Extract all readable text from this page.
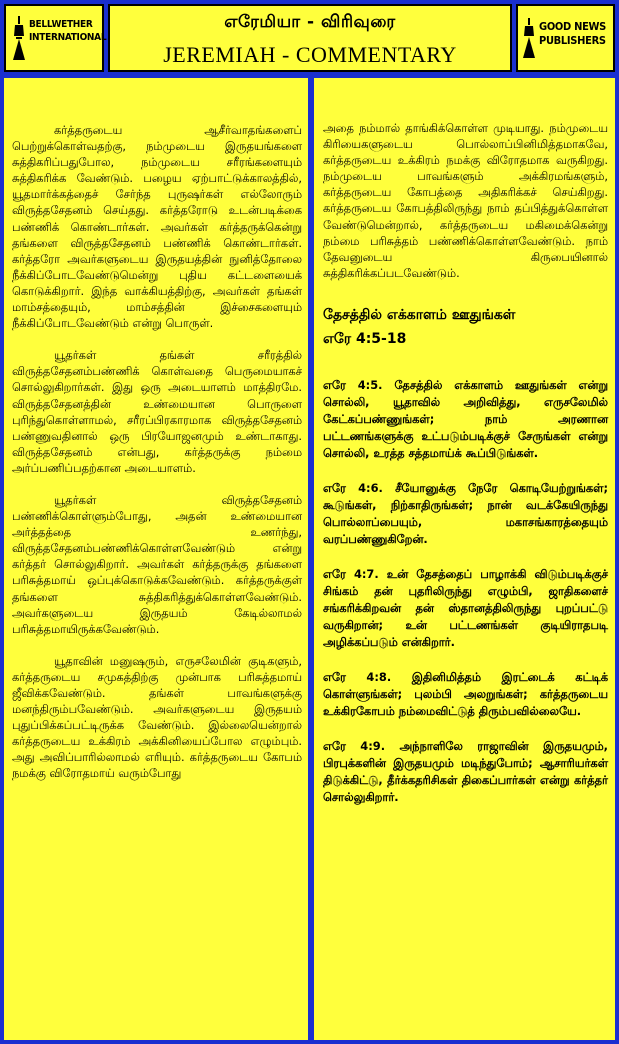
BELLWETHER
INTERNATIONAL
எரேமியா - விரிவுரை
JEREMIAH - COMMENTARY
GOOD NEWS
PUBLISHERS

கர்த்தருடைய ஆசீர்வாதங்களைப் பெற்றுக்கொள்வதற்கு, நம்முடைய இருதயங்களை சுத்திகரிப்பதுபோல, நம்முடைய சரீரங்களையும் சுத்திகரிக்க வேண்டும். பழைய ஏற்பாட்டுக்காலத்தில், யூதமார்க்கத்தைச் சேர்ந்த புருஷர்கள் எல்லோரும் விருத்தசேதனம் செய்தது. கர்த்தரோடு உடன்படிக்கை பண்ணிக் கொண்டார்கள். அவர்கள் கர்த்தருக்கென்று தங்களை விருத்தசேதனம் பண்ணிக் கொண்டார்கள். கர்த்தரோ அவர்களுடைய இருதயத்தின் நுனித்தோலை நீக்கிப்போடவேண்டுமென்று புதிய கட்டளையைக் கொடுக்கிறார். இந்த வாக்கியத்திற்கு, அவர்கள் தங்கள் மாம்சத்தையும், மாம்சத்தின் இச்சைகளையும் நீக்கிப்போடவேண்டும் என்று பொருள்.

யூதர்கள் தங்கள் சரீரத்தில் விருத்தசேதனம்பண்ணிக் கொள்வதை பெருமையாகச் சொல்லுகிறார்கள். இது ஒரு அடையாளம் மாத்திரமே. விருத்தசேதனத்தின் உண்மையான பொருளை புரிந்துகொள்ளாமல், சரீரப்பிரகாரமாக விருத்தசேதனம் பண்ணுவதினால் ஒரு பிரயோஜனமும் உண்டாகாது. விருத்தசேதனம் என்பது, கர்த்தருக்கு நம்மை அர்ப்பணிப்பதற்கான அடையாளம்.

யூதர்கள் விருத்தசேதனம் பண்ணிக்கொள்ளும்போது, அதன் உண்மையான அர்த்தத்தை உணர்ந்து, விருத்தசேதனம்பண்ணிக்கொள்ளவேண்டும் என்று கர்த்தர் சொல்லுகிறார். அவர்கள் கர்த்தருக்கு தங்களை பரிசுத்தமாய் ஒப்புக்கொடுக்கவேண்டும். கர்த்தருக்குள் தங்களை சுத்திகரித்துக்கொள்ளவேண்டும். அவர்களுடைய இருதயம் கேடில்லாமல் பரிசுத்தமாயிருக்கவேண்டும்.

யூதாவின் மனுஷரும், எருசலேமின் குடிகளும், கர்த்தருடைய சமுகத்திற்கு முன்பாக பரிசுத்தமாய் ஜீவிக்கவேண்டும். தங்கள் பாவங்களுக்கு மனந்திரும்பவேண்டும். அவர்களுடைய இருதயம் புதுப்பிக்கப்பட்டிருக்க வேண்டும். இல்லையென்றால் கர்த்தருடைய உக்கிரம் அக்கினியைப்போல எழும்பும். அது அவிப்பாரில்லாமல் எரியும். கர்த்தருடைய கோபம் நமக்கு விரோதமாய் வரும்போது

அதை நம்மால் தாங்கிக்கொள்ள முடியாது. நம்முடைய கிரியைகளுடைய பொல்லாப்பினிமித்தமாகவே, கர்த்தருடைய உக்கிரம் நமக்கு விரோதமாக வருகிறது. நம்முடைய பாவங்களும் அக்கிரமங்களும், கர்த்தருடைய கோபத்தை அதிகரிக்கச் செய்கிறது. கர்த்தருடைய கோபத்திலிருந்து நாம் தப்பித்துக்கொள்ள வேண்டுமென்றால், கர்த்தருடைய மகிமைக்கென்று நம்மை பரிசுத்தம் பண்ணிக்கொள்ளவேண்டும். நாம் தேவனுடைய கிருபையினால் சுத்திகரிக்கப்படவேண்டும்.

தேசத்தில் எக்காளம் ஊதுங்கள்
எரே 4:5-18
எரே 4:5. தேசத்தில் எக்காளம் ஊதுங்கள் என்று சொல்லி, யூதாவில் அறிவித்து, எருசலேமில் கேட்கப்பண்ணுங்கள்; நாம் அரணான பட்டணங்களுக்கு உட்படும்படிக்குச் சேருங்கள் என்று சொல்லி, உரத்த சத்தமாய்க் கூப்பிடுங்கள்.
எரே 4:6. சீயோனுக்கு நேரே கொடியேற்றுங்கள்; கூடுங்கள், நிற்காதிருங்கள்; நான் வடக்கேயிருந்து பொல்லாப்பையும், மகாசங்காரத்தையும் வரப்பண்ணுகிறேன்.
எரே 4:7. உன் தேசத்தைப் பாழாக்கி விடும்படிக்குச் சிங்கம் தன் புதரிலிருந்து எழும்பி, ஜாதிகளைச் சங்கரிக்கிறவன் தன் ஸ்தானத்திலிருந்து புறப்பட்டு வருகிறான்; உன் பட்டணங்கள் குடியிராதபடி அழிக்கப்படும் என்கிறார்.
எரே 4:8. இதினிமித்தம் இரட்டைக் கட்டிக் கொள்ளுங்கள்; புலம்பி அலறுங்கள்; கர்த்தருடைய உக்கிரகோபம் நம்மைவிட்டுத் திரும்பவில்லையே.
எரே 4:9. அந்நாளிலே ராஜாவின் இருதயமும், பிரபுக்களின் இருதயமும் மடிந்துபோம்; ஆசாரியர்கள் திடுக்கிட்டு, தீர்க்கதரிசிகள் திகைப்பார்கள் என்று கர்த்தர் சொல்லுகிறார்.
